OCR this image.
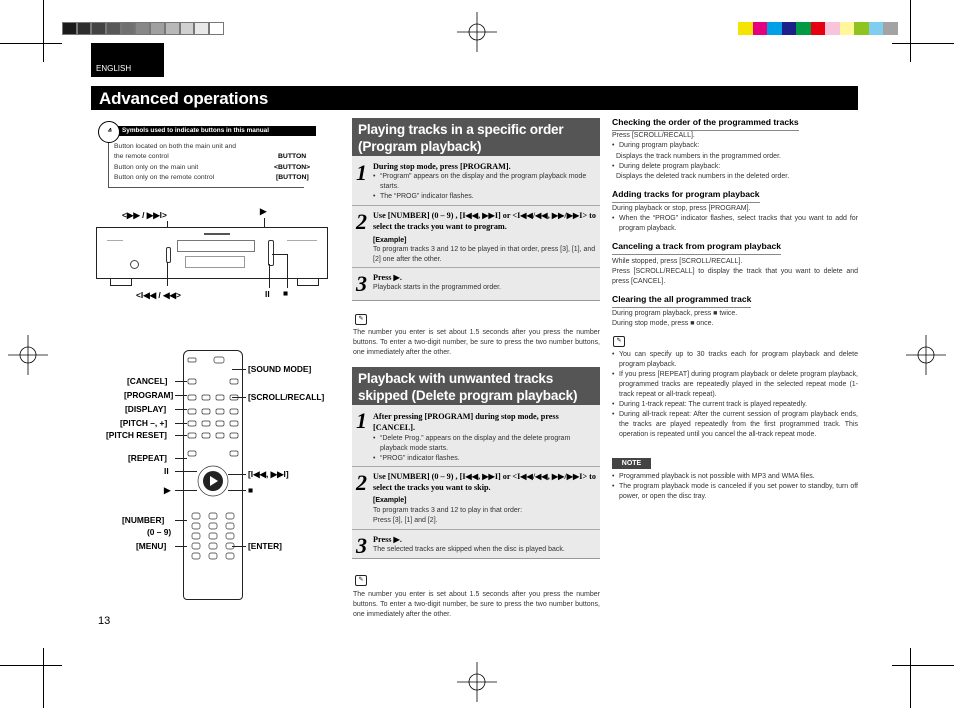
ENGLISH
Advanced operations
Symbols used to indicate buttons in this manual
ᐞ
Button located on both the main unit and
the remote control	BUTTON
Button only on the main unit	<BUTTON>
Button only on the remote control	[BUTTON]
<▶▶ / ▶▶I>	▶
<I◀◀ / ◀◀>	II ■
[CANCEL]
[PROGRAM]
[DISPLAY]
[PITCH –, +]
[PITCH RESET]
[REPEAT]
II
▶
[NUMBER]
(0 – 9)
[MENU]
[SOUND MODE]
[SCROLL/RECALL]
[I◀◀, ▶▶I]
■
[ENTER]
Playing tracks in a specific order
(Program playback)
1 During stop mode, press [PROGRAM].
• “Program” appears on the display and the program playback mode starts.
• The “PROG” indicator flashes.
2 Use [NUMBER] (0 – 9) , [I◀◀, ▶▶I] or <I◀◀/◀◀, ▶▶/▶▶I> to select the tracks you want to program.
[Example]
To program tracks 3 and 12 to be played in that order, press [3], [1], and [2] one after the other.
3 Press ▶.
Playback starts in the programmed order.
✎
The number you enter is set about 1.5 seconds after you press the number buttons. To enter a two-digit number, be sure to press the two number buttons, one immediately after the other.
Playback with unwanted tracks
skipped (Delete program playback)
1 After pressing [PROGRAM] during stop mode, press [CANCEL].
• “Delete Prog.” appears on the display and the delete program playback mode starts.
• “PROG” indicator flashes.
2 Use [NUMBER] (0 – 9) , [I◀◀, ▶▶I] or <I◀◀/◀◀, ▶▶/▶▶I> to select the tracks you want to skip.
[Example]
To program tracks 3 and 12 to play in that order:
Press [3], [1] and [2].
3 Press ▶.
The selected tracks are skipped when the disc is played back.
✎
The number you enter is set about 1.5 seconds after you press the number buttons. To enter a two-digit number, be sure to press the two number buttons, one immediately after the other.
Checking the order of the programmed tracks
Press [SCROLL/RECALL].
• During program playback:
Displays the track numbers in the programmed order.
• During delete program playback:
Displays the deleted track numbers in the deleted order.
Adding tracks for program playback
During playback or stop, press [PROGRAM].
• When the “PROG” indicator flashes, select tracks that you want to add for program playback.
Canceling a track from program playback
While stopped, press [SCROLL/RECALL].
Press [SCROLL/RECALL] to display the track that you want to delete and press [CANCEL].
Clearing the all programmed track
During program playback, press ■ twice.
During stop mode, press ■ once.
✎
• You can specify up to 30 tracks each for program playback and delete program playback.
• If you press [REPEAT] during program playback or delete program playback, programmed tracks are repeatedly played in the selected repeat mode (1-track repeat or all-track repeat).
• During 1-track repeat: The current track is played repeatedly.
• During all-track repeat: After the current session of program playback ends, the tracks are played repeatedly from the first programmed track. This operation is repeated until you cancel the all-track repeat mode.
NOTE
• Programmed playback is not possible with MP3 and WMA files.
• The program playback mode is canceled if you set power to standby, turn off power, or open the disc tray.
13
